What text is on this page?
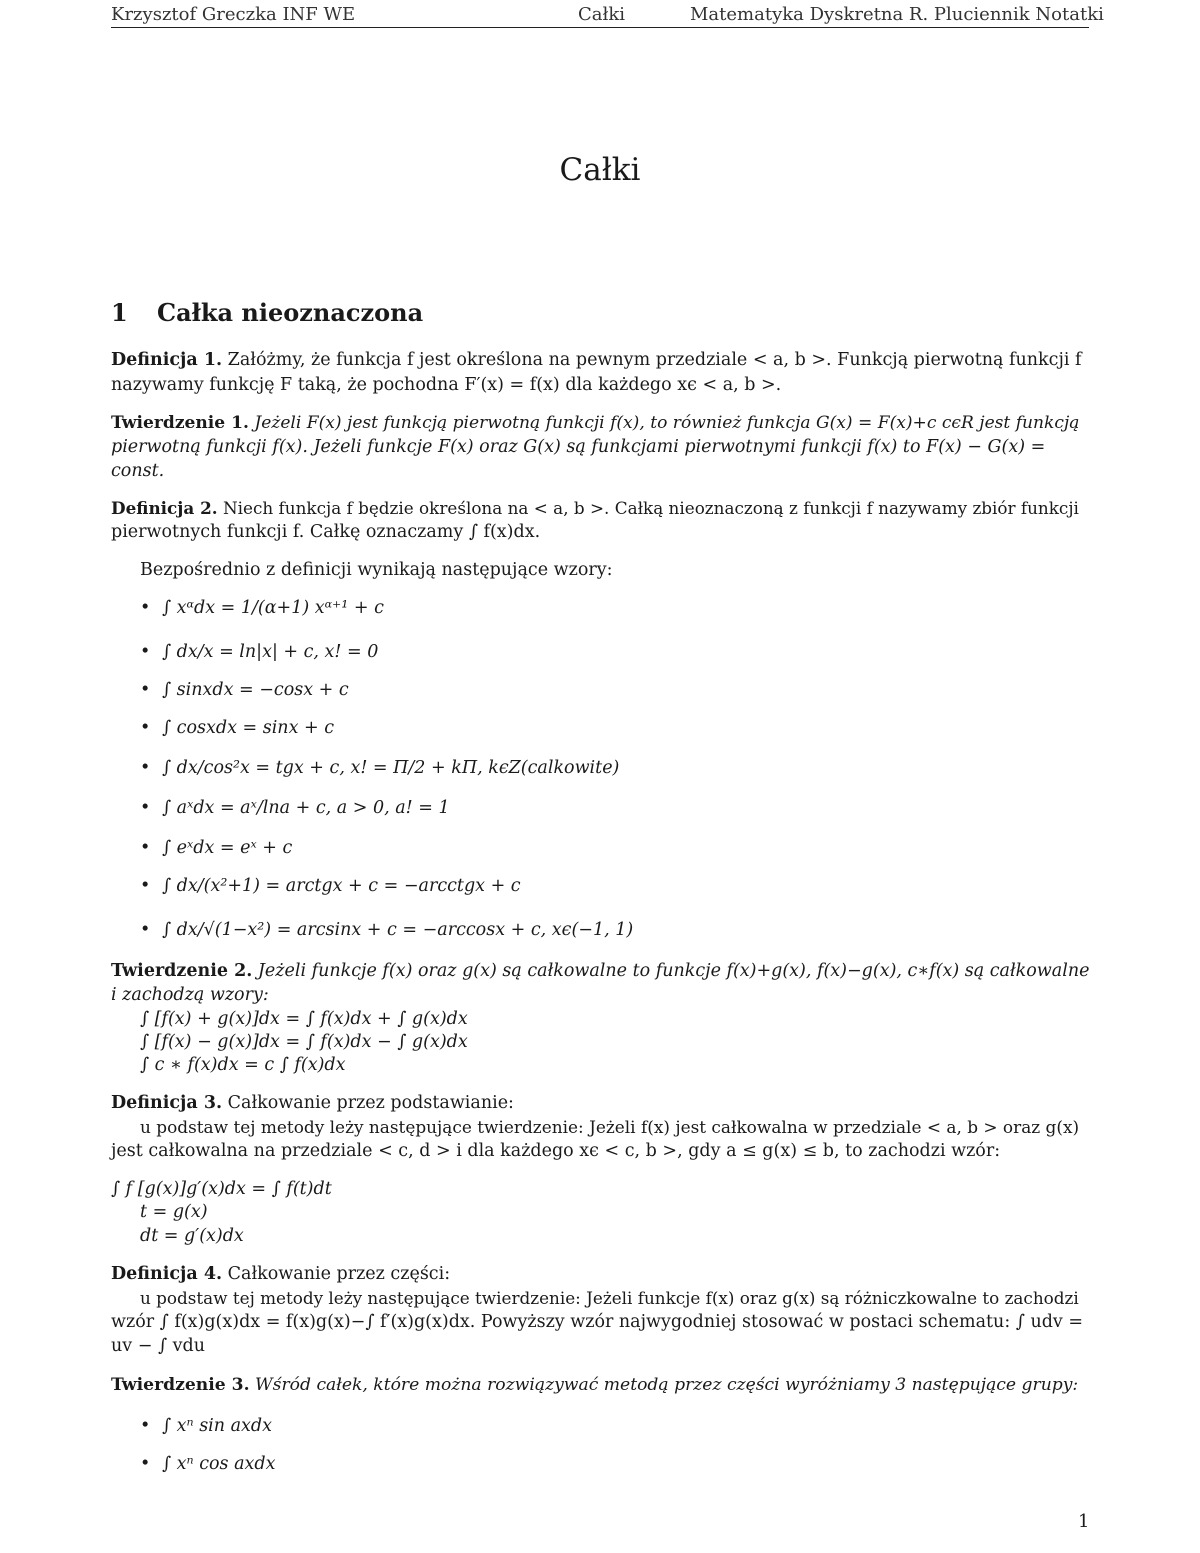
Krzysztof Greczka INF WE	Całki	Matematyka Dyskretna R. Pluciennik Notatki
Całki
1 Całka nieoznaczona
Definicja 1. Załóżmy, że funkcja f jest określona na pewnym przedziale < a, b >. Funkcją pierwotną funkcji f
nazywamy funkcję F taką, że pochodna F′(x) = f(x) dla każdego xϵ < a, b >.
Twierdzenie 1. Jeżeli F(x) jest funkcją pierwotną funkcji f(x), to również funkcja G(x) = F(x)+c cϵR jest funkcją
pierwotną funkcji f(x). Jeżeli funkcje F(x) oraz G(x) są funkcjami pierwotnymi funkcji f(x) to F(x) − G(x) =
const.
Definicja 2. Niech funkcja f będzie określona na < a, b >. Całką nieoznaczoną z funkcji f nazywamy zbiór funkcji
pierwotnych funkcji f. Całkę oznaczamy ∫ f(x)dx.
Bezpośrednio z definicji wynikają następujące wzory:
• ∫ xᵅdx = 1/(α+1) xᵅ⁺¹ + c
• ∫ dx/x = ln|x| + c, x! = 0
• ∫ sinxdx = −cosx + c
• ∫ cosxdx = sinx + c
• ∫ dx/cos²x = tgx + c, x! = Π/2 + kΠ, kϵZ(calkowite)
• ∫ aˣdx = aˣ/lna + c, a > 0, a! = 1
• ∫ eˣdx = eˣ + c
• ∫ dx/(x²+1) = arctgx + c = −arcctgx + c
• ∫ dx/√(1−x²) = arcsinx + c = −arccosx + c, xϵ(−1, 1)
Twierdzenie 2. Jeżeli funkcje f(x) oraz g(x) są całkowalne to funkcje f(x)+g(x), f(x)−g(x), c∗f(x) są całkowalne
i zachodzą wzory:
∫ [f(x) + g(x)]dx = ∫ f(x)dx + ∫ g(x)dx
∫ [f(x) − g(x)]dx = ∫ f(x)dx − ∫ g(x)dx
∫ c ∗ f(x)dx = c ∫ f(x)dx
Definicja 3. Całkowanie przez podstawianie:
u podstaw tej metody leży następujące twierdzenie: Jeżeli f(x) jest całkowalna w przedziale < a, b > oraz g(x)
jest całkowalna na przedziale < c, d > i dla każdego xϵ < c, b >, gdy a ≤ g(x) ≤ b, to zachodzi wzór:
∫ f [g(x)]g′(x)dx = ∫ f(t)dt
t = g(x)
dt = g′(x)dx
Definicja 4. Całkowanie przez części:
u podstaw tej metody leży następujące twierdzenie: Jeżeli funkcje f(x) oraz g(x) są różniczkowalne to zachodzi
wzór ∫ f(x)g(x)dx = f(x)g(x)−∫ f′(x)g(x)dx. Powyższy wzór najwygodniej stosować w postaci schematu: ∫ udv =
uv − ∫ vdu
Twierdzenie 3. Wśród całek, które można rozwiązywać metodą przez części wyróżniamy 3 następujące grupy:
• ∫ xⁿ sin axdx
• ∫ xⁿ cos axdx
1
